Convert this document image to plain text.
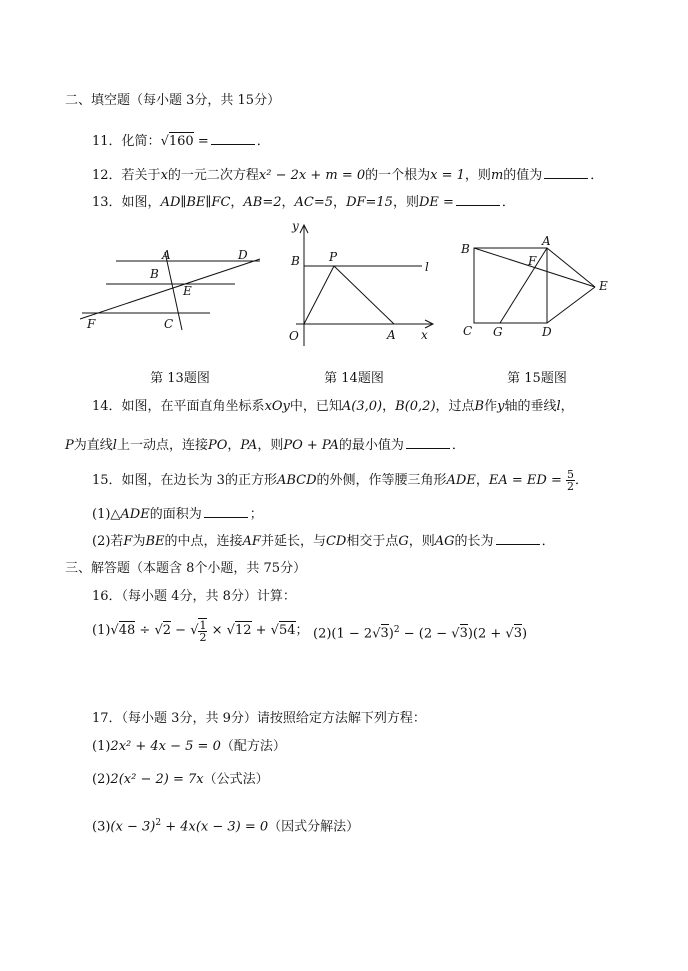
二、填空题（每小题 3分，共 15分）
11．化简：√160 =	．
12．若关于x的一元二次方程x² − 2x + m = 0的一个根为x = 1，则m的值为	．
13．如图，AD∥BE∥FC，AB=2，AC=5，DF=15，则DE =	．
A
B
E
D
F	C
第 13题图
y
B P
l
O	A x
第 14题图
B
A
F
E
C G	D
第 15题图
14．如图，在平面直角坐标系xOy中，已知A(3,0)，B(0,2)，过点B作y轴的垂线l，
P为直线l上一动点，连接PO，PA，则PO + PA的最小值为	．
15．如图，在边长为 3的正方形ABCD的外侧，作等腰三角形ADE，EA = ED = $\frac{5}{2}$ ．
(1)△ADE的面积为	；
(2)若F为BE的中点，连接AF并延长，与CD相交于点G，则AG的长为	．
三、解答题（本题含 8个小题，共 75分）
16．（每小题 4分，共 8分）计算：
(1)√48 ÷ √2 − √ $\frac{1}{2} \times √12 + √54$； $(2)(1 - 2√3)^2 - (2 - √3)(2 + √3)$
17．（每小题 3分，共 9分）请按照给定方法解下列方程：
(1)2x² + 4x − 5 = 0（配方法）
(2)2(x² − 2) = 7x（公式法）
$(3)(x - 3)^2 + 4x(x - 3) = 0$（因式分解法）
